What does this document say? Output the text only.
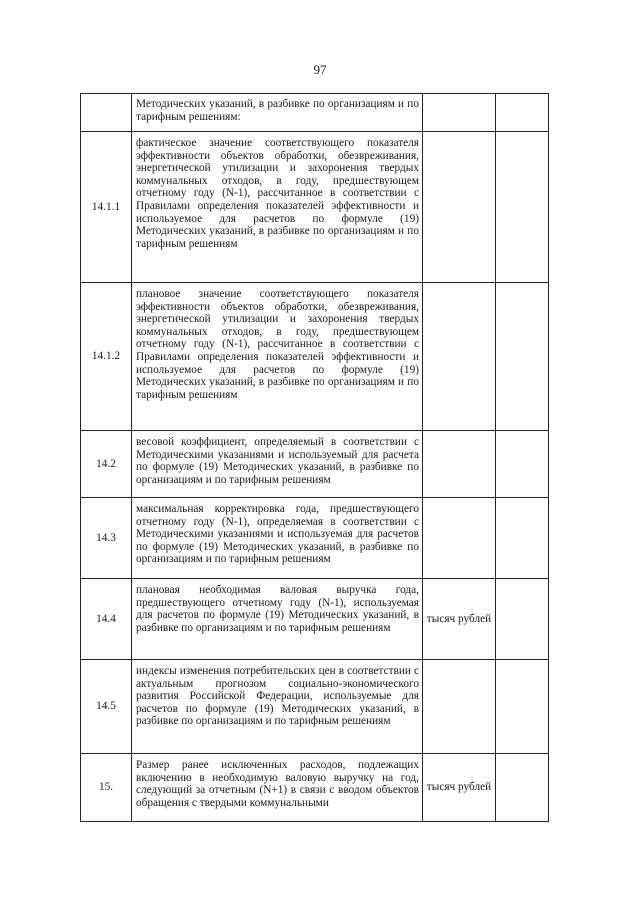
97
	Методических указаний, в разбивке по организациям и по тарифным решениям:		
14.1.1	фактическое значение соответствующего показателя эффективности объектов обработки, обезвреживания, энергетической утилизации и захоронения твердых коммунальных отходов, в году, предшествующем отчетному году (N-1), рассчитанное в соответствии с Правилами определения показателей эффективности и используемое для расчетов по формуле (19) Методических указаний, в разбивке по организациям и по тарифным решениям		
14.1.2	плановое значение соответствующего показателя эффективности объектов обработки, обезвреживания, энергетической утилизации и захоронения твердых коммунальных отходов, в году, предшествующем отчетному году (N-1), рассчитанное в соответствии с Правилами определения показателей эффективности и используемое для расчетов по формуле (19) Методических указаний, в разбивке по организациям и по тарифным решениям		
14.2	весовой коэффициент, определяемый в соответствии с Методическими указаниями и используемый для расчета по формуле (19) Методических указаний, в разбивке по организациям и по тарифным решениям		
14.3	максимальная корректировка года, предшествующего отчетному году (N-1), определяемая в соответствии с Методическими указаниями и используемая для расчетов по формуле (19) Методических указаний, в разбивке по организациям и по тарифным решениям		
14.4	плановая необходимая валовая выручка года, предшествующего отчетному году (N-1), используемая для расчетов по формуле (19) Методических указаний, в разбивке по организациям и по тарифным решениям	тысяч рублей	
14.5	индексы изменения потребительских цен в соответствии с актуальным прогнозом социально-экономического развития Российской Федерации, используемые для расчетов по формуле (19) Методических указаний, в разбивке по организациям и по тарифным решениям		
15.	Размер ранее исключенных расходов, подлежащих включению в необходимую валовую выручку на год, следующий за отчетным (N+1) в связи с вводом объектов обращения с твердыми коммунальными	тысяч рублей	
